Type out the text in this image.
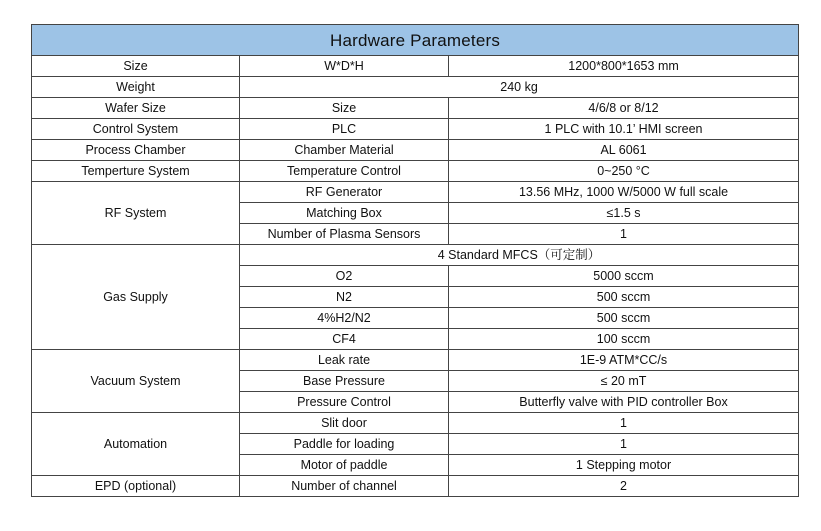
Hardware Parameters		
Size	W*D*H	1200*800*1653 mm
Weight	240 kg	
Wafer Size	Size	4/6/8 or 8/12
Control System	PLC	1 PLC with 10.1’ HMI screen
Process Chamber	Chamber Material	AL 6061
Temperture System	Temperature Control	0~250 °C
RF System	RF Generator	13.56 MHz, 1000 W/5000 W full scale
	Matching Box	≤1.5 s
	Number of Plasma Sensors	1
Gas Supply	4 Standard MFCS（可定制）	
	O2	5000 sccm
	N2	500 sccm
	4%H2/N2	500 sccm
	CF4	100 sccm
Vacuum System	Leak rate	1E-9 ATM*CC/s
	Base Pressure	≤ 20 mT
	Pressure Control	Butterfly valve with PID controller Box
Automation	Slit door	1
	Paddle for loading	1
	Motor of paddle	1 Stepping motor
EPD (optional)	Number of channel	2
